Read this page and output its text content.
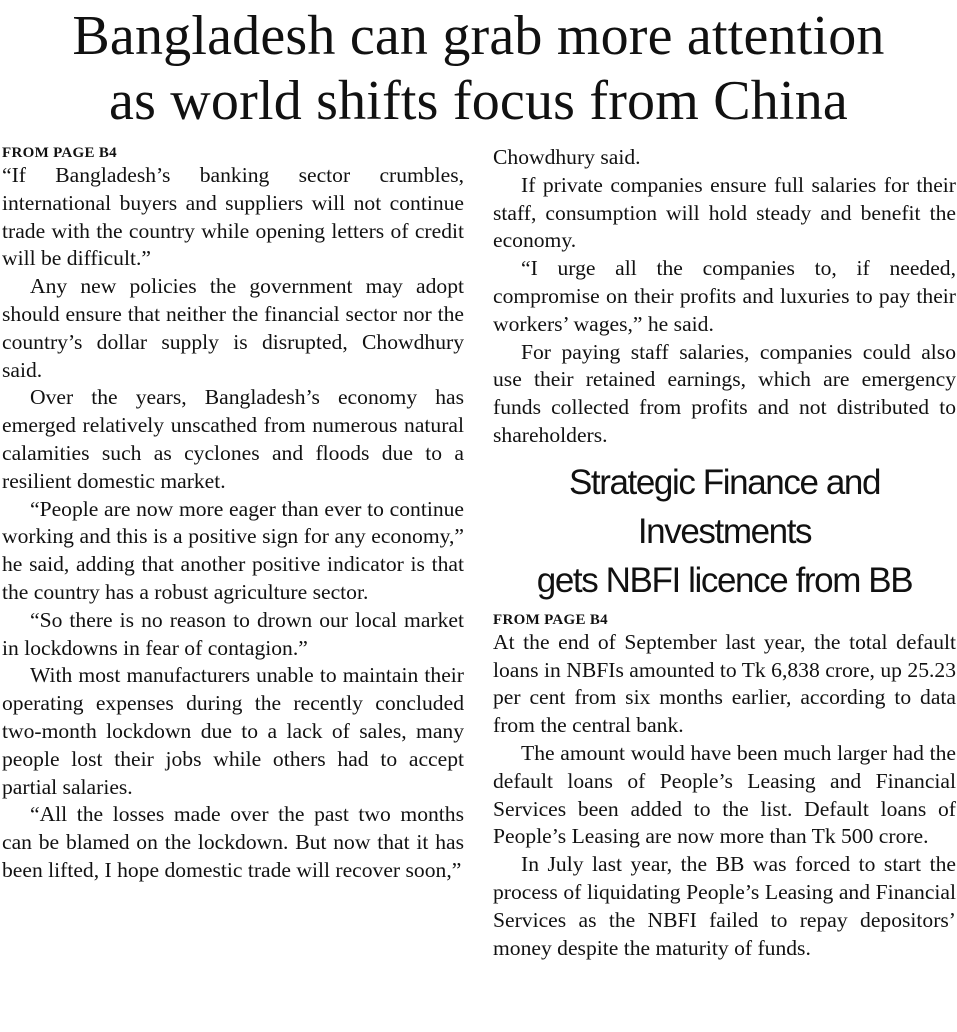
Bangladesh can grab more attention
as world shifts focus from China
FROM PAGE B4

“If Bangladesh’s banking sector crumbles, international buyers and suppliers will not continue trade with the country while opening letters of credit will be difficult.”

Any new policies the government may adopt should ensure that neither the financial sector nor the country’s dollar supply is disrupted, Chowdhury said.

Over the years, Bangladesh’s economy has emerged relatively unscathed from numerous natural calamities such as cyclones and floods due to a resilient domestic market.

“People are now more eager than ever to continue working and this is a positive sign for any economy,” he said, adding that another positive indicator is that the country has a robust agriculture sector.

“So there is no reason to drown our local market in lockdowns in fear of contagion.”

With most manufacturers unable to maintain their operating expenses during the recently concluded two-month lockdown due to a lack of sales, many people lost their jobs while others had to accept partial salaries.

“All the losses made over the past two months can be blamed on the lockdown. But now that it has been lifted, I hope domestic trade will recover soon,”

Chowdhury said.

If private companies ensure full salaries for their staff, consumption will hold steady and benefit the economy.

“I urge all the companies to, if needed, compromise on their profits and luxuries to pay their workers’ wages,” he said.

For paying staff salaries, companies could also use their retained earnings, which are emergency funds collected from profits and not distributed to shareholders.

Strategic Finance and Investments
gets NBFI licence from BB
FROM PAGE B4

At the end of September last year, the total default loans in NBFIs amounted to Tk 6,838 crore, up 25.23 per cent from six months earlier, according to data from the central bank.

The amount would have been much larger had the default loans of People’s Leasing and Financial Services been added to the list. Default loans of People’s Leasing are now more than Tk 500 crore.

In July last year, the BB was forced to start the process of liquidating People’s Leasing and Financial Services as the NBFI failed to repay depositors’ money despite the maturity of funds.
